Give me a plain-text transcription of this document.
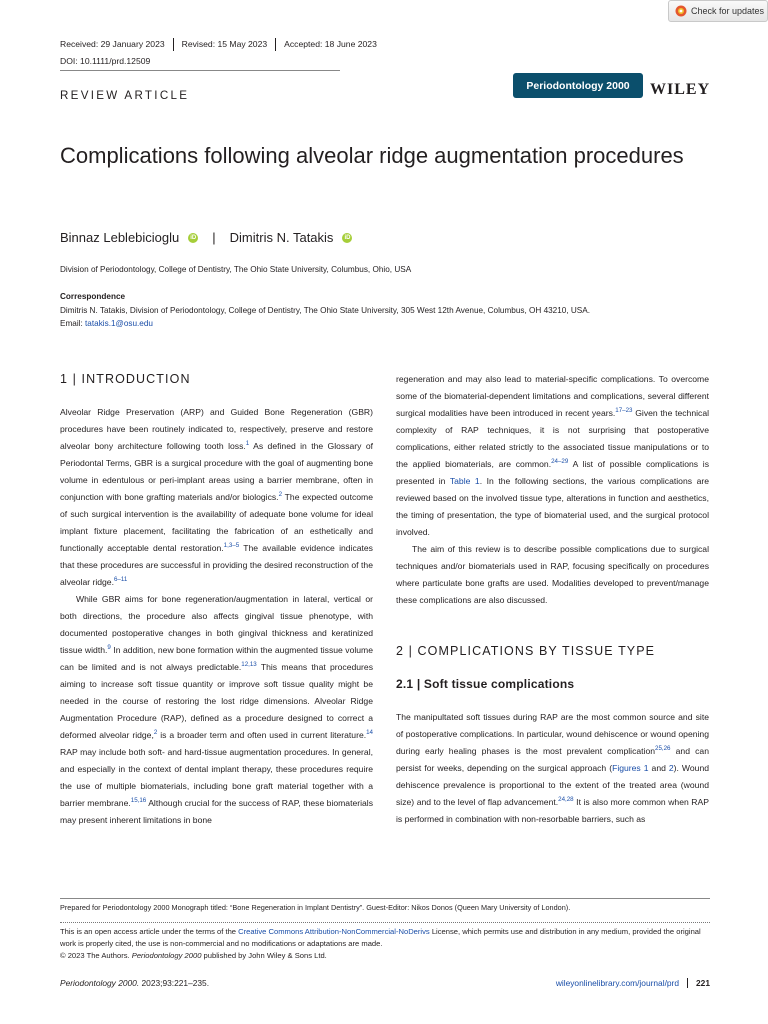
Check for updates
Received: 29 January 2023	Revised: 15 May 2023	Accepted: 18 June 2023
DOI: 10.1111/prd.12509
Periodontology 2000	WILEY
REVIEW ARTICLE
Complications following alveolar ridge augmentation procedures
Binnaz Leblebicioglu	iD | Dimitris N. Tatakis	iD
Division of Periodontology, College of Dentistry, The Ohio State University, Columbus, Ohio, USA
Correspondence
Dimitris N. Tatakis, Division of Periodontology, College of Dentistry, The Ohio State University, 305 West 12th Avenue, Columbus, OH 43210, USA.
Email: tatakis.1@osu.edu
1 | INTRODUCTION

Alveolar Ridge Preservation (ARP) and Guided Bone Regeneration (GBR) procedures have been routinely indicated to, respectively, preserve and restore alveolar bony architecture following tooth loss.$^1$ As defined in the Glossary of Periodontal Terms, GBR is a surgical procedure with the goal of augmenting bone volume in edentulous or peri-implant areas using a barrier membrane, often in conjunction with bone grafting materials and/or biologics.$^2$ The expected outcome of such surgical intervention is the availability of adequate bone volume for ideal implant fixture placement, facilitating the fabrication of an esthetically and functionally acceptable dental restoration.$^{1,3-5}$ The available evidence indicates that these procedures are successful in providing the desired reconstruction of the alveolar ridge.$^{6-11}$

While GBR aims for bone regeneration/augmentation in lateral, vertical or both directions, the procedure also affects gingival tissue phenotype, with documented postoperative changes in both gingival thickness and keratinized tissue width.$^9$ In addition, new bone formation within the augmented tissue volume can be limited and is not always predictable.$^{12,13}$ This means that procedures aiming to increase soft tissue quantity or improve soft tissue quality might be needed in the course of restoring the lost ridge dimensions. Alveolar Ridge Augmentation Procedure (RAP), defined as a procedure designed to correct a deformed alveolar ridge,$^2$ is a broader term and often used in current literature.$^{14}$ RAP may include both soft- and hard-tissue augmentation procedures. In general, and especially in the context of dental implant therapy, these procedures require the use of multiple biomaterials, including bone graft material together with a barrier membrane.$^{15,16}$ Although crucial for the success of RAP, these biomaterials may present inherent limitations in bone

regeneration and may also lead to material-specific complications. To overcome some of the biomaterial-dependent limitations and complications, several different surgical modalities have been introduced in recent years.$^{17-23}$ Given the technical complexity of RAP techniques, it is not surprising that postoperative complications, either related strictly to the associated tissue manipulations or to the applied biomaterials, are common.$^{24-29}$ A list of possible complications is presented in Table 1. In the following sections, the various complications are reviewed based on the involved tissue type, alterations in function and aesthetics, the timing of presentation, the type of biomaterial used, and the surgical protocol involved.

The aim of this review is to describe possible complications due to surgical techniques and/or biomaterials used in RAP, focusing specifically on procedures where particulate bone grafts are used. Modalities developed to prevent/manage these complications are also discussed.

2 | COMPLICATIONS BY TISSUE TYPE
2.1 | Soft tissue complications

The manipultated soft tissues during RAP are the most common source and site of postoperative complications. In particular, wound dehiscence or wound opening during early healing phases is the most prevalent complication$^{25,26}$ and can persist for weeks, depending on the surgical approach (Figures 1 and 2). Wound dehiscence prevalence is proportional to the extent of the treated area (wound size) and to the level of flap advancement.$^{24,28}$ It is also more common when RAP is performed in combination with non-resorbable barriers, such as

Prepared for Periodontology 2000 Monograph titled: “Bone Regeneration in Implant Dentistry”. Guest-Editor: Nikos Donos (Queen Mary University of London).
This is an open access article under the terms of the Creative Commons Attribution-NonCommercial-NoDerivs License, which permits use and distribution in any medium, provided the original work is properly cited, the use is non-commercial and no modifications or adaptations are made.
© 2023 The Authors. Periodontology 2000 published by John Wiley & Sons Ltd.
Periodontology 2000. 2023;93:221–235.	wileyonlinelibrary.com/journal/prd	221
